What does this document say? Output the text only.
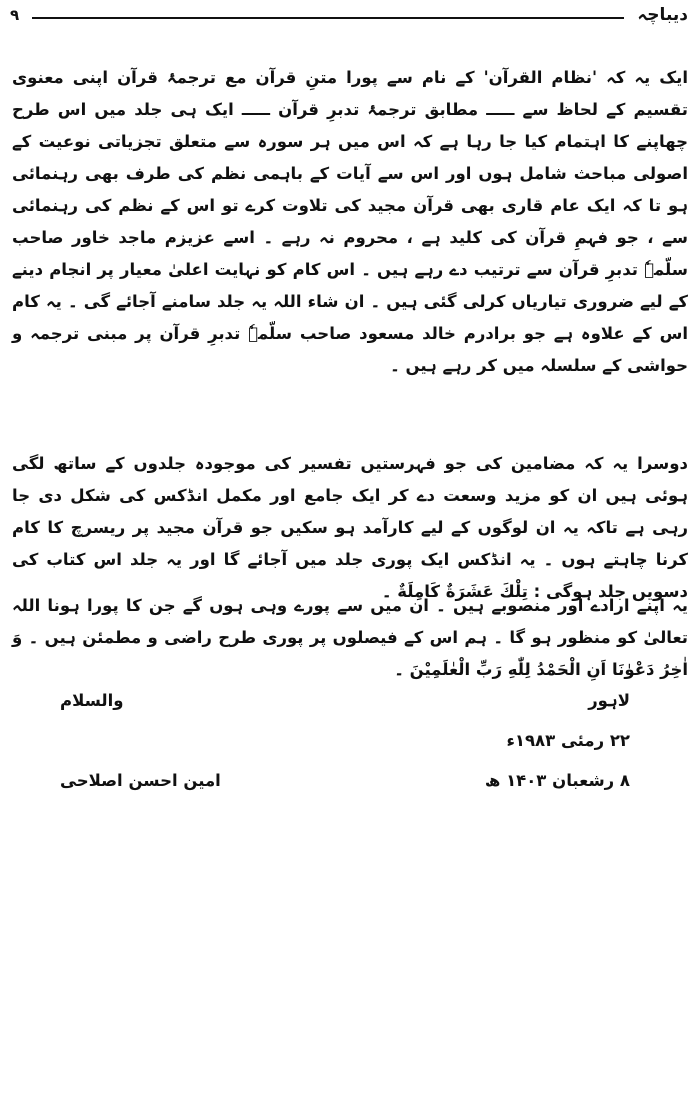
۹	دیباچہ

ایک یہ کہ 'نظام القرآن' کے نام سے پورا متنِ قرآن مع ترجمۂ قرآن اپنی معنوی تقسیم کے لحاظ سے ـــــ مطابق ترجمۂ تدبرِ قرآن ـــــ ایک ہی جلد میں اس طرح چھاپنے کا اہتمام کیا جا رہا ہے کہ اس میں ہر سورہ سے متعلق تجزیاتی نوعیت کے اصولی مباحث شامل ہوں اور اس سے آیات کے باہمی نظم کی طرف بھی رہنمائی ہو تا کہ ایک عام قاری بھی قرآن مجید کی تلاوت کرے تو اس کے نظم کی رہنمائی سے ، جو فہمِ قرآن کی کلید ہے ، محروم نہ رہے ۔ اسے عزیزم ماجد خاور صاحب سلّمہٗ تدبرِ قرآن سے ترتیب دے رہے ہیں ۔ اس کام کو نہایت اعلیٰ معیار پر انجام دینے کے لیے ضروری تیاریاں کرلی گئی ہیں ۔ ان شاء اللہ یہ جلد سامنے آجائے گی ۔ یہ کام اس کے علاوہ ہے جو برادرم خالد مسعود صاحب سلّمہٗ تدبرِ قرآن پر مبنی ترجمہ و حواشی کے سلسلہ میں کر رہے ہیں ۔

دوسرا یہ کہ مضامین کی جو فہرستیں تفسیر کی موجودہ جلدوں کے ساتھ لگی ہوئی ہیں ان کو مزید وسعت دے کر ایک جامع اور مکمل انڈکس کی شکل دی جا رہی ہے تاکہ یہ ان لوگوں کے لیے کارآمد ہو سکیں جو قرآن مجید پر ریسرچ کا کام کرنا چاہتے ہوں ۔ یہ انڈکس ایک پوری جلد میں آجائے گا اور یہ جلد اس کتاب کی دسویں جلد ہوگی : تِلْكَ عَشَرَةٌ كَامِلَةٌ ۔

یہ اپنے ارادے اور منصوبے ہیں ۔ ان میں سے پورے وہی ہوں گے جن کا پورا ہونا اللہ تعالیٰ کو منظور ہو گا ۔ ہم اس کے فیصلوں پر پوری طرح راضی و مطمئن ہیں ۔ وَ اٰخِرُ دَعْوٰنَا اَنِ الْحَمْدُ لِلّٰهِ رَبِّ الْعٰلَمِيْنَ ۔

لاہور
۲۲ رمئی ۱۹۸۳ء
۸ رشعبان ۱۴۰۳ ھ
والسلام
امین احسن اصلاحی
